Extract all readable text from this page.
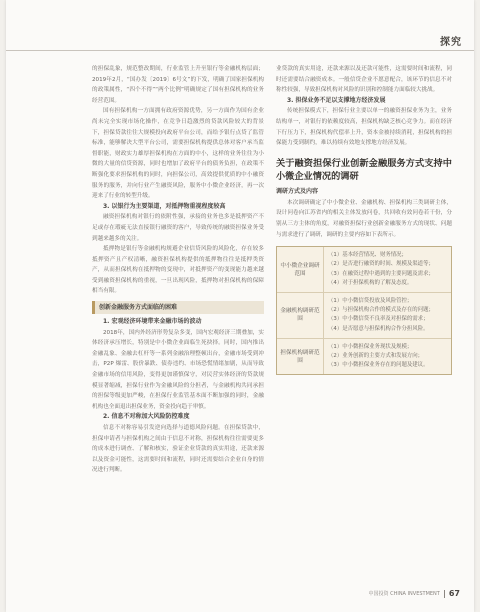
探究

的担保乱象，规范整改期间，行业监管上升至银行等金融机构层面；2019年2月，“国办发〔2019〕6号文”的下发，明确了国家担保机构的政策属性，“四个不得”“两个比例”明确规定了国有担保机构的业务经营范围。

国有担保机构一方面拥有政府资源优势，另一方面作为国有企业尚未完全实现市场化操作，在竞争日趋激烈的贷款风险较大的背景下，担保贷款往往大规模投向政府平台公司，而给予银行点贷了监管标准，能够解决大型平台公司，需要担保机构提供总体对客户承当监督职能，财政实力雄厚担保机构在方面的中小，这样的业务往往为小微的大量的信贷资源，同时也增加了政府平台的债务负担，在政策不断强化要求担保机构的同时，向担保公司，高效提供优质的中小融资服务的服务，并向行业产生融资风险，服务中小微企业经济，再一次迎来了行业的转型升级。

3. 以银行为主要渠道，对抵押物重视程度较高

融资担保机构对银行的依附性强，承接的业务也多是抵押资产不足或存在瑕疵无法直接银行融资的客户，导致传统的融资担保业务受到越来越多的关注。

抵押物是银行等金融机构规避企业信贷风险的风险化，存在较多抵押资产且产权清晰，融资担保机构提供的抵押物往往是抵押类资产，从而担保机构在抵押物的变现中，对抵押资产的变现能力越来越受到融资担保机构的重视，一旦出现风险，抵押物对担保机构的保障相当有限。

创新金融服务方式面临的困难
1. 宏观经济环境带来金融市场的波动

2018年，国内外经济形势复杂多变，国内宏观经济三期叠加，实体经济承压增长，特别是中小微企业面临生死抉择。同时，国内推出金融乱象、金融去杠杆等一系列金融治理整顿出台，金融市场受到冲击，P2P 爆雷、股价暴跌、债券违约、市场恐慌情绪加剧，从而导致金融市场的信用风险，变得更加谨慎保守，对民营实体经济的贷款规模显著缩减，担保行业作为金融风险的分担者，与金融机构共同承担的担保等级更加严峻，在担保行业监管基本面不断加强的同时，金融机构也全面退出担保业务，资金投向趋于审慎。

2. 信息不对称加大风险防控难度

信息不对称容易引发逆向选择与道德风险问题。在担保贷款中，担保申请者与担保机构之间由于信息不对称，担保机构往往需要更多的成本进行调查、了解和核实，验证企业贷款的真实用途，还款来源以及资金可能性，这需要时间和流程，同时还需要结合企业自身的情况进行判断。

业贷款的真实用途，还款来源以及还款可能性，这需要时间和流程，同时还需要结合融资成本。一般信贷企业不愿意配合，该环节的信息不对称性较强，导致担保机构对风险的识别和控制能力面临较大挑战。

3. 担保业务不足以支撑地方经济发展

传统担保模式下，担保行业主要以单一的融资担保业务为主，业务结构单一，对银行的依赖度较高，担保机构缺乏核心竞争力。而在经济下行压力下，担保机构代偿率上升，资本金被持续消耗，担保机构的担保能力受到制约，难以持续有效地支撑地方经济发展。

关于融资担保行业创新金融服务方式支持中小微企业情况的调研
调研方式及内容

本次调研确定了中小微企业、金融机构、担保机构三类调研主体，设计问卷向江苏省内的相关主体发放问卷，共回收有效问卷若干份，分别从三方主体的角度，对融资担保行业创新金融服务方式的现状、问题与需求进行了调研，调研的主要内容如下表所示。

中小微企业调研范围
（1）基本经营情况、财务情况；
（2）是否进行融资的时间、规模及渠道等；
（3）在融资过程中遇到的主要问题及需求；
（4）对于担保机构的了解及态度。
金融机构调研范围
（1）中小微信贷投放及风险管控；
（2）与担保机构合作的模式及存在的问题；
（3）中小微信贷不良率及对担保的需求；
（4）是否愿意与担保机构合作分担风险。
担保机构调研范围
（1）中小微担保业务现状及规模；
（2）业务创新的主要方式和发展方向；
（3）中小微担保业务存在的问题及建议。
中国投资 CHINA INVESTMENT 67
